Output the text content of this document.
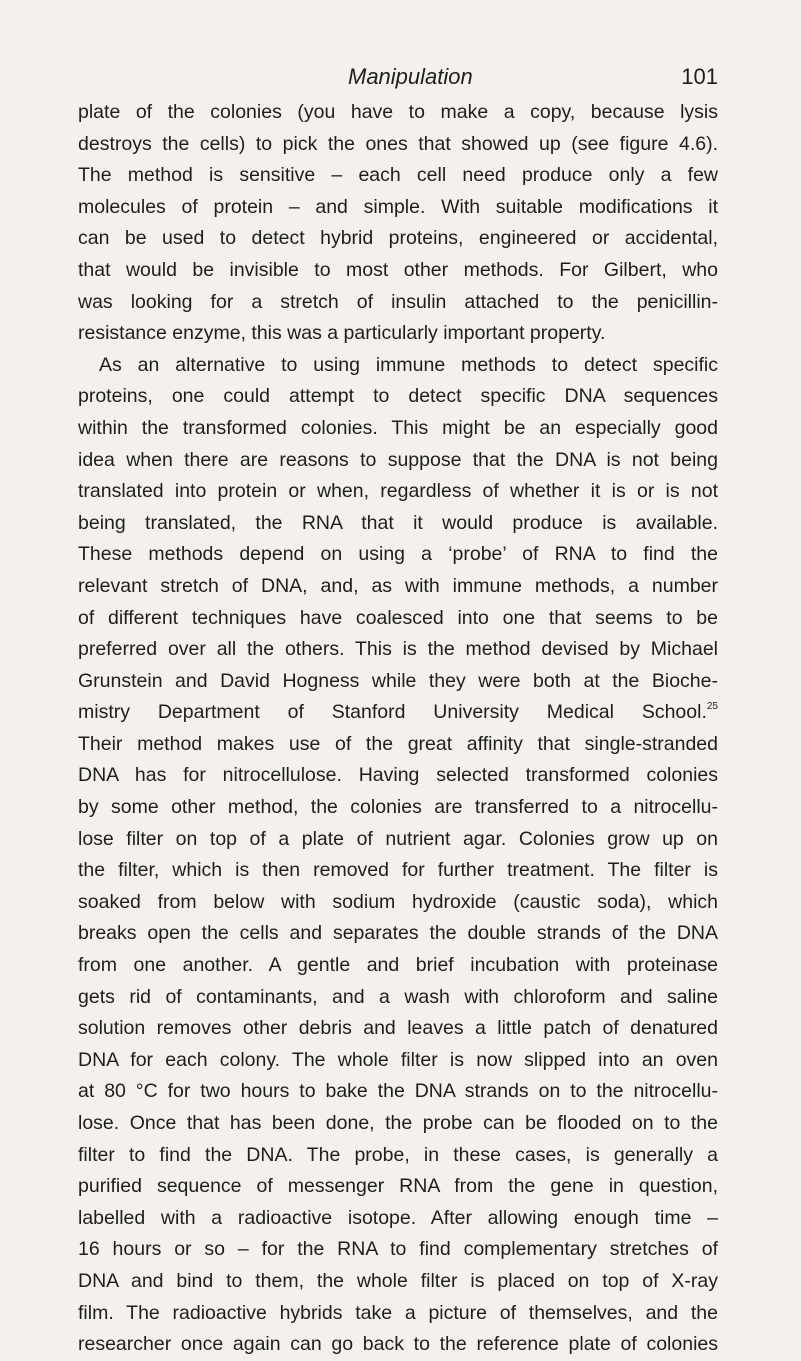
Manipulation	101
plate of the colonies (you have to make a copy, because lysis
destroys the cells) to pick the ones that showed up (see figure 4.6).
The method is sensitive – each cell need produce only a few
molecules of protein – and simple. With suitable modifications it
can be used to detect hybrid proteins, engineered or accidental,
that would be invisible to most other methods. For Gilbert, who
was looking for a stretch of insulin attached to the penicillin-
resistance enzyme, this was a particularly important property.
As an alternative to using immune methods to detect specific
proteins, one could attempt to detect specific DNA sequences
within the transformed colonies. This might be an especially good
idea when there are reasons to suppose that the DNA is not being
translated into protein or when, regardless of whether it is or is not
being translated, the RNA that it would produce is available.
These methods depend on using a ‘probe’ of RNA to find the
relevant stretch of DNA, and, as with immune methods, a number
of different techniques have coalesced into one that seems to be
preferred over all the others. This is the method devised by Michael
Grunstein and David Hogness while they were both at the Bioche-
mistry Department of Stanford University Medical School.$^{25}$
Their method makes use of the great affinity that single-stranded
DNA has for nitrocellulose. Having selected transformed colonies
by some other method, the colonies are transferred to a nitrocellu-
lose filter on top of a plate of nutrient agar. Colonies grow up on
the filter, which is then removed for further treatment. The filter is
soaked from below with sodium hydroxide (caustic soda), which
breaks open the cells and separates the double strands of the DNA
from one another. A gentle and brief incubation with proteinase
gets rid of contaminants, and a wash with chloroform and saline
solution removes other debris and leaves a little patch of denatured
DNA for each colony. The whole filter is now slipped into an oven
at 80 °C for two hours to bake the DNA strands on to the nitrocellu-
lose. Once that has been done, the probe can be flooded on to the
filter to find the DNA. The probe, in these cases, is generally a
purified sequence of messenger RNA from the gene in question,
labelled with a radioactive isotope. After allowing enough time –
16 hours or so – for the RNA to find complementary stretches of
DNA and bind to them, the whole filter is placed on top of X-ray
film. The radioactive hybrids take a picture of themselves, and the
researcher once again can go back to the reference plate of colonies
